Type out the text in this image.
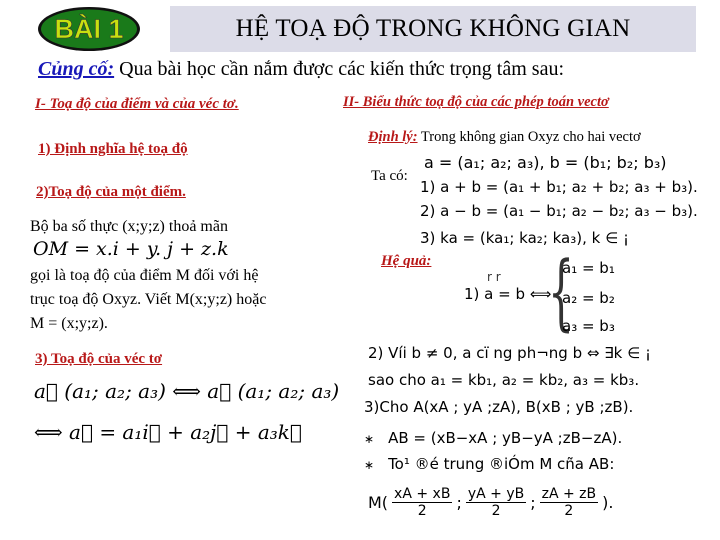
BÀI 1	HỆ TOẠ ĐỘ TRONG KHÔNG GIAN
Củng cố: Qua bài học cần nắm được các kiến thức trọng tâm sau:
I- Toạ độ của điểm và của véc tơ.
1) Định nghĩa hệ toạ độ
2)Toạ độ của một điểm.
Bộ ba số thực (x;y;z) thoả mãn
OM = x.i + y. j + z.k
gọi là toạ độ của điểm M đối với hệ
trục toạ độ Oxyz. Viết M(x;y;z) hoặc
M = (x;y;z).
3) Toạ độ của véc tơ
a⃗ (a₁; a₂; a₃) ⟺ a⃗ (a₁; a₂; a₃)
⟺ a⃗ = a₁i⃗ + a₂j⃗ + a₃k⃗
II- Biểu thức toạ độ của các phép toán vectơ
Định lý: Trong không gian Oxyz cho hai vectơ
a = (a₁; a₂; a₃), b = (b₁; b₂; b₃)
Ta có:
1) a + b = (a₁ + b₁; a₂ + b₂; a₃ + b₃).
2) a − b = (a₁ − b₁; a₂ − b₂; a₃ − b₃).
3) ka = (ka₁; ka₂; ka₃), k ∈ ¡
Hệ quả:
r r
1) a = b ⟺
{
a₁ = b₁
a₂ = b₂
a₃ = b₃
2) Víi b ≠ 0, a cï ng ph¬ng b ⇔ ∃k ∈ ¡
sao cho a₁ = kb₁, a₂ = kb₂, a₃ = kb₃.
3)Cho A(xA ; yA ;zA), B(xB ; yB ;zB).
∗ AB = (xB−xA ; yB−yA ;zB−zA).
∗ To¹ ®é trung ®iÓm M cña AB:
$M( \frac{xA + xB}{2}$ ; $\frac{yA + yB}{2}$ ; $\frac{zA + zB}{2}$ ).
